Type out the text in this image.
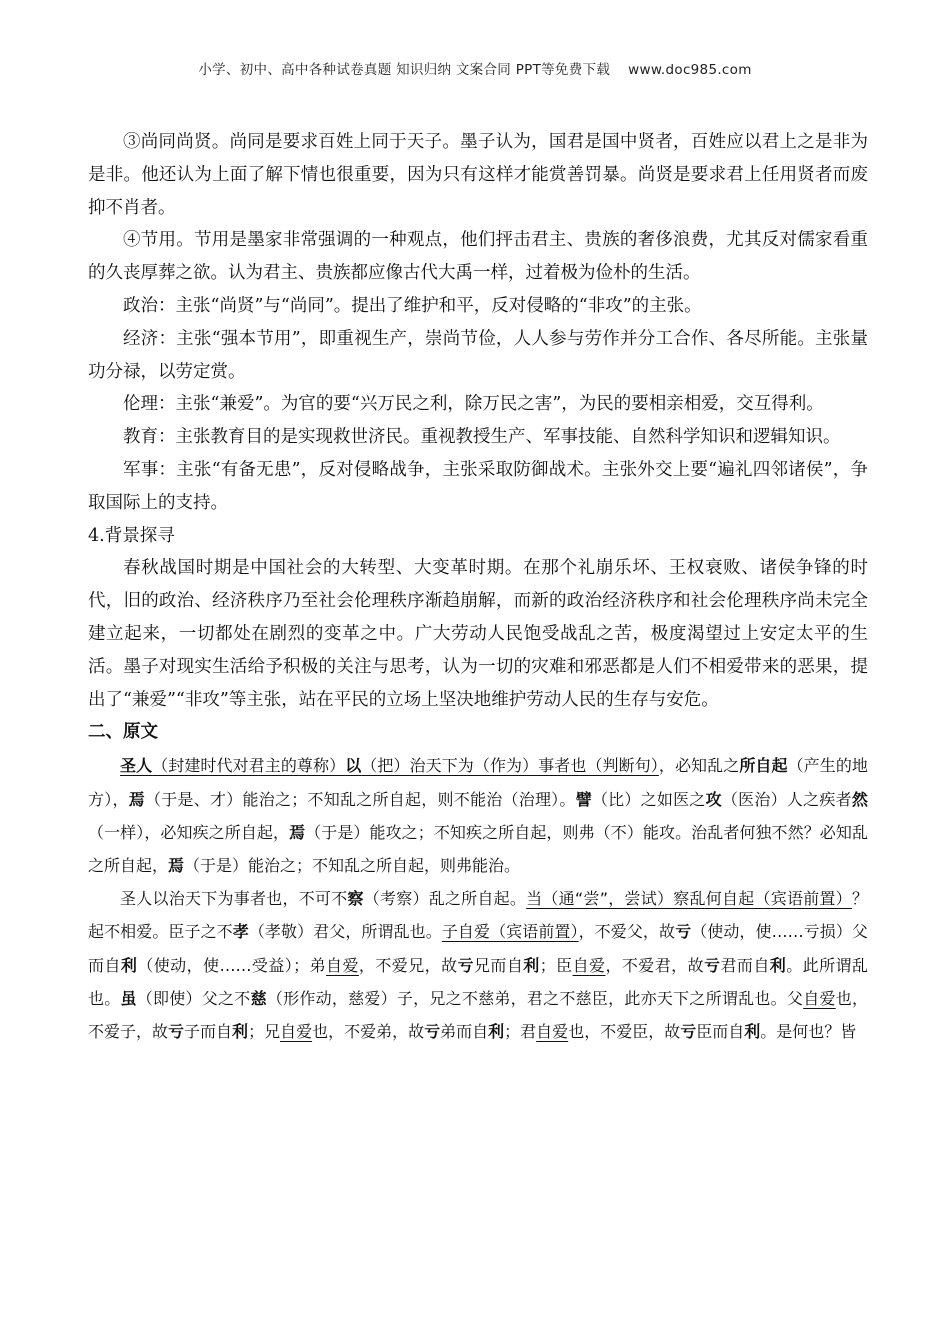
小学、初中、高中各种试卷真题 知识归纳 文案合同 PPT等免费下载 www.doc985.com

③尚同尚贤。尚同是要求百姓上同于天子。墨子认为，国君是国中贤者，百姓应以君上之是非为是非。他还认为上面了解下情也很重要，因为只有这样才能赏善罚暴。尚贤是要求君上任用贤者而废抑不肖者。

④节用。节用是墨家非常强调的一种观点，他们抨击君主、贵族的奢侈浪费，尤其反对儒家看重的久丧厚葬之欲。认为君主、贵族都应像古代大禹一样，过着极为俭朴的生活。

政治：主张“尚贤”与“尚同”。提出了维护和平，反对侵略的“非攻”的主张。

经济：主张“强本节用”，即重视生产，崇尚节俭，人人参与劳作并分工合作、各尽所能。主张量功分禄，以劳定赏。

伦理：主张“兼爱”。为官的要“兴万民之利，除万民之害”，为民的要相亲相爱，交互得利。

教育：主张教育目的是实现救世济民。重视教授生产、军事技能、自然科学知识和逻辑知识。

军事：主张“有备无患”，反对侵略战争，主张采取防御战术。主张外交上要“遍礼四邻诸侯”，争取国际上的支持。

4.背景探寻

春秋战国时期是中国社会的大转型、大变革时期。在那个礼崩乐坏、王权衰败、诸侯争锋的时代，旧的政治、经济秩序乃至社会伦理秩序渐趋崩解，而新的政治经济秩序和社会伦理秩序尚未完全建立起来，一切都处在剧烈的变革之中。广大劳动人民饱受战乱之苦，极度渴望过上安定太平的生活。墨子对现实生活给予积极的关注与思考，认为一切的灾难和邪恶都是人们不相爱带来的恶果，提出了“兼爱”“非攻”等主张，站在平民的立场上坚决地维护劳动人民的生存与安危。

二、原文

圣人（封建时代对君主的尊称）以（把）治天下为（作为）事者也（判断句），必知乱之所自起（产生的地方），焉（于是、才）能治之；不知乱之所自起，则不能治（治理）。譬（比）之如医之攻（医治）人之疾者然（一样），必知疾之所自起，焉（于是）能攻之；不知疾之所自起，则弗（不）能攻。治乱者何独不然？必知乱之所自起，焉（于是）能治之；不知乱之所自起，则弗能治。

圣人以治天下为事者也，不可不察（考察）乱之所自起。当（通“尝”，尝试）察乱何自起（宾语前置）？起不相爱。臣子之不孝（孝敬）君父，所谓乱也。子自爱（宾语前置），不爱父，故亏（使动，使……亏损）父而自利（使动，使……受益）；弟自爱，不爱兄，故亏兄而自利；臣自爱，不爱君，故亏君而自利。此所谓乱也。虽（即使）父之不慈（形作动，慈爱）子，兄之不慈弟，君之不慈臣，此亦天下之所谓乱也。父自爱也，不爱子，故亏子而自利；兄自爱也，不爱弟，故亏弟而自利；君自爱也，不爱臣，故亏臣而自利。是何也？皆
